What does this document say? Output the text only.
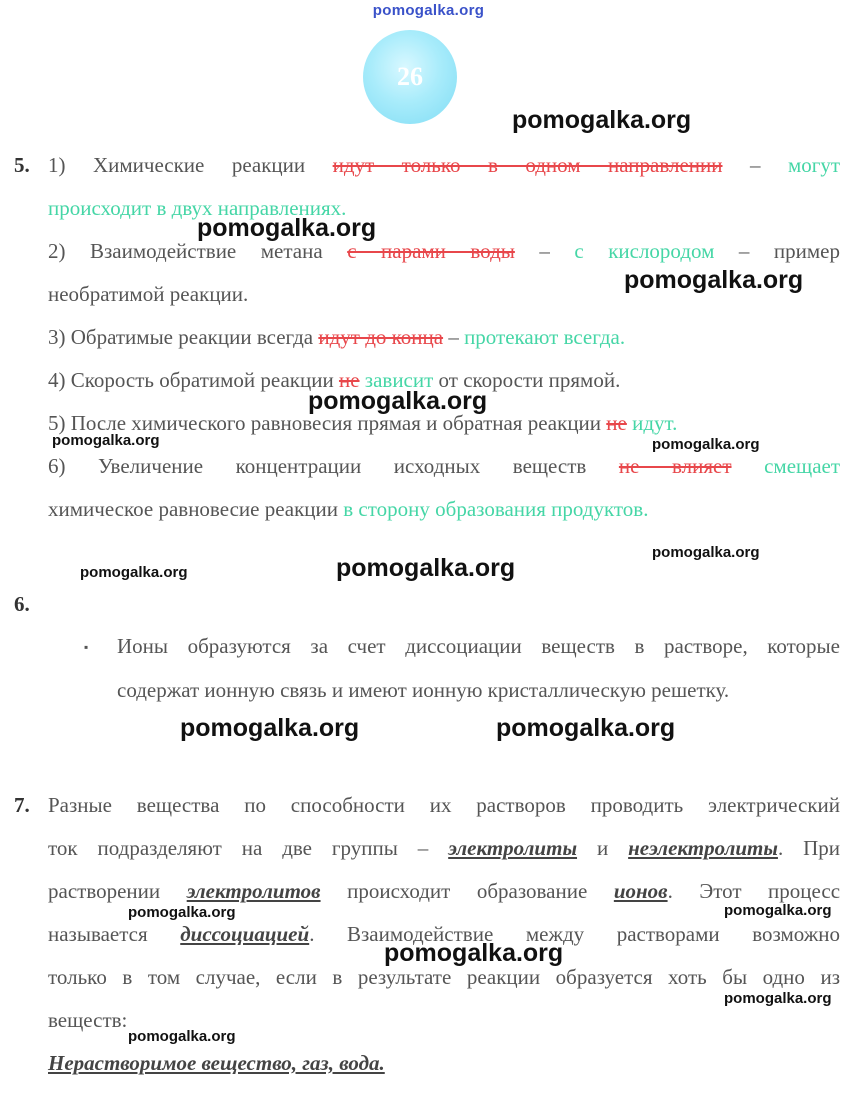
pomogalka.org
26
5. 1) Химические реакции идут только в одном направлении – могут
происходит в двух направлениях.
2) Взаимодействие метана с парами воды – с кислородом – пример
необратимой реакции.
3) Обратимые реакции всегда идут до конца – протекают всегда.
4) Скорость обратимой реакции не зависит от скорости прямой.
5) После химического равновесия прямая и обратная реакции не идут.
6) Увеличение концентрации исходных веществ не влияет смещает
химическое равновесие реакции в сторону образования продуктов.
6.
▪ Ионы образуются за счет диссоциации веществ в растворе, которые
содержат ионную связь и имеют ионную кристаллическую решетку.
7. Разные вещества по способности их растворов проводить электрический
ток подразделяют на две группы – электролиты и неэлектролиты. При
растворении электролитов происходит образование ионов. Этот процесс
называется диссоциацией. Взаимодействие между растворами возможно
только в том случае, если в результате реакции образуется хоть бы одно из
веществ:
Нерастворимое вещество, газ, вода.
pomogalka.org
pomogalka.org
pomogalka.org
pomogalka.org
pomogalka.org	pomogalka.org
pomogalka.org
pomogalka.org	pomogalka.org
pomogalka.org	pomogalka.org
pomogalka.org	pomogalka.org
pomogalka.org
pomogalka.org
pomogalka.org
